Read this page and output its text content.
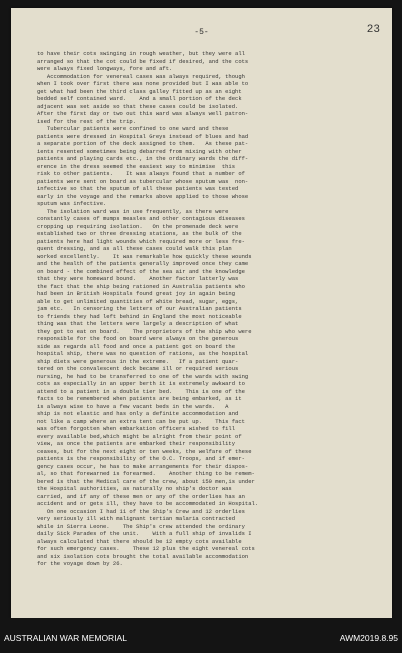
-5-	23
to have their cots swinging in rough weather, but they were all
arranged so that the cot could be fixed if desired, and the cots
were always fixed longways, fore and aft.
Accommodation for venereal cases was always required, though
when I took over first there was none provided but I was able to
get what had been the third class galley fitted up as an eight
bedded self contained ward.    And a small portion of the deck
adjacent was set aside so that these cases could be isolated.
After the first day or two out this ward was always well patron-
ised for the rest of the trip.
Tubercular patients were confined to one ward and these
patients were dressed in Hospital Greys instead of blues and had
a separate portion of the deck assigned to them.   As these pat-
ients resented sometimes being debarred from mixing with other
patients and playing cards etc., in the ordinary wards the diff-
erence in the dress seemed the easiest way to minimise  this
risk to other patients.    It was always found that a number of
patients were sent on board as tubercular whose sputum was  non-
infective so that the sputum of all these patients was tested
early in the voyage and the remarks above applied to those whose
sputum was infective.
The isolation ward was in use frequently, as there were
constantly cases of mumps measles and other contagious diseases
cropping up requiring isolation.   On the promenade deck were
established two or three dressing stations, as the bulk of the
patients here had light wounds which required more or less fre-
quent dressing, and as all these cases could walk this plan
worked excellently.    It was remarkable how quickly these wounds
and the health of the patients generally improved once they came
on board - the combined effect of the sea air and the knowledge
that they were homeward bound.    Another factor latterly was
the fact that the ship being rationed in Australia patients who
had been in British Hospitals found great joy in again being
able to get unlimited quantities of white bread, sugar, eggs,
jam etc.   In censoring the letters of our Australian patients
to friends they had left behind in England the most noticeable
thing was that the letters were largely a description of what
they got to eat on board.    The proprietors of the ship who were
responsible for the food on board were always on the generous
side as regards all food and once a patient got on board the
hospital ship, there was no question of rations, as the hospital
ship diets were generous in the extreme.   If a patient quar-
tered on the convalescent deck became ill or required serious
nursing, he had to be transferred to one of the wards with swing
cots as especially in an upper berth it is extremely awkward to
attend to a patient in a double tier bed.    This is one of the
facts to be remembered when patients are being embarked, as it
is always wise to have a few vacant beds in the wards.   A
ship is not elastic and has only a definite accommodation and
not like a camp where an extra tent can be put up.    This fact
was often forgotten when embarkation officers wished to fill
every available bed,which might be alright from their point of
view, as once the patients are embarked their responsibility
ceases, but for the next eight or ten weeks, the welfare of these
patients is the responsibility of the O.C. Troops, and if emer-
gency cases occur, he has to make arrangements for their dispos-
al, so that forewarned is forearmed.    Another thing to be remem-
bered is that the Medical care of the crew, about 150 men,is under
the Hospital authorities, as naturally no ship's doctor was
carried, and if any of these men or any of the orderlies has an
accident and or gets ill, they have to be accommodated in Hospital.
On one occasion I had 11 of the Ship's Crew and 12 orderlies
very seriously ill with malignant tertian malaria contracted
while in Sierra Leone.    The Ship's crew attended the ordinary
daily Sick Parades of the unit.    With a full ship of invalids I
always calculated that there should be 12 empty cots available
for such emergency cases.    These 12 plus the eight venereal cots
and six isolation cots brought the total available accommodation
for the voyage down by 26.
AUSTRALIAN WAR MEMORIAL	AWM2019.8.95
